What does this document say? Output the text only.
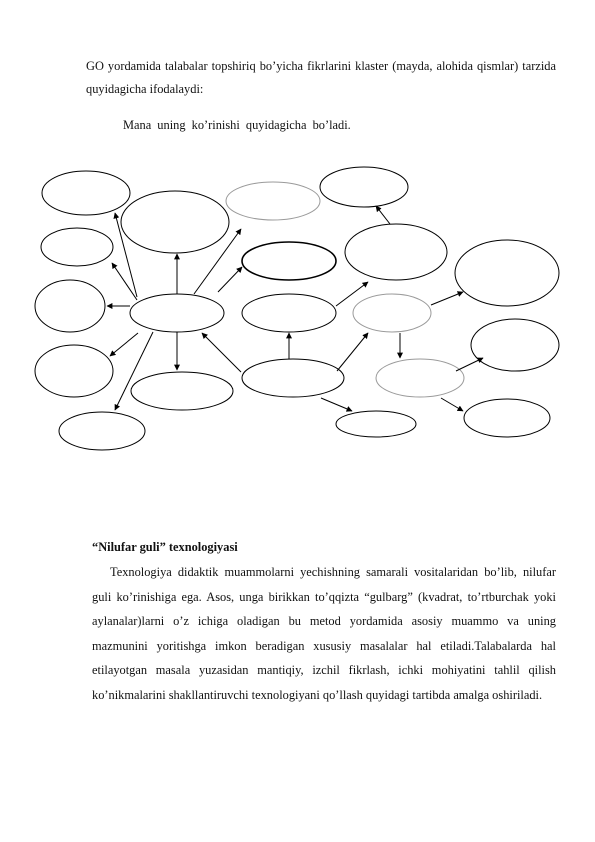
GO yordamida talabalar topshiriq bo’yicha fikrlarini klaster (mayda, alohida qismlar) tarzida quyidagicha ifodalaydi:

Mana uning ko’rinishi quyidagicha bo’ladi.

“Nilufar guli” texnologiyasi

Texnologiya didaktik muammolarni yechishning samarali vositalaridan bo’lib, nilufar guli ko’rinishiga ega. Asos, unga birikkan to’qqizta “gulbarg” (kvadrat, to’rtburchak yoki aylanalar)larni o’z ichiga oladigan bu metod yordamida asosiy muammo va uning mazmunini yoritishga imkon beradigan xususiy masalalar hal etiladi.Talabalarda hal etilayotgan masala yuzasidan mantiqiy, izchil fikrlash, ichki mohiyatini tahlil qilish ko’nikmalarini shakllantiruvchi texnologiyani qo’llash quyidagi tartibda amalga oshiriladi.
